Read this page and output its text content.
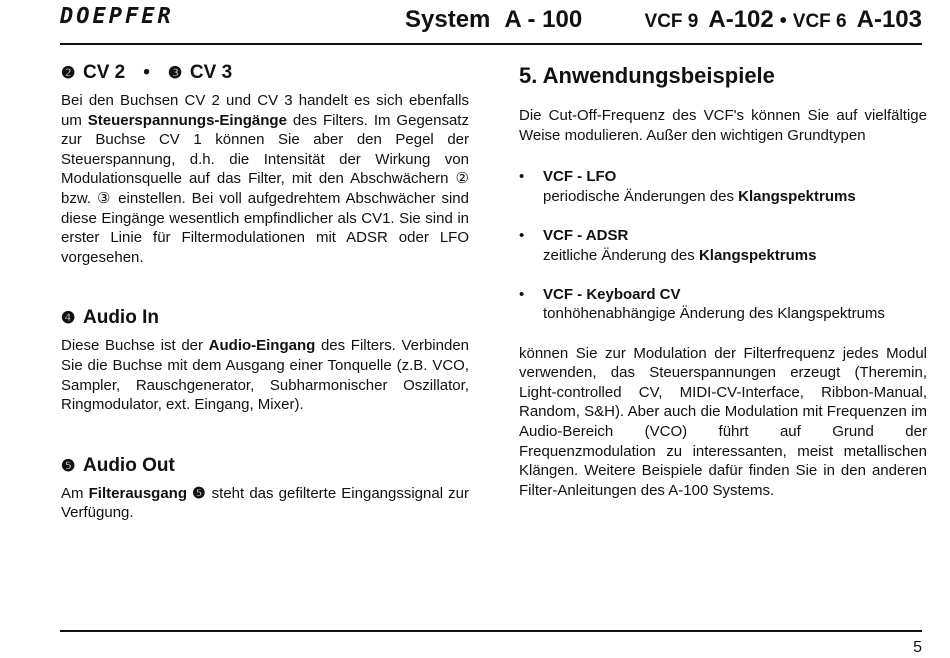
DOEPFER	System A - 100	VCF 9 A-102 • VCF 6 A-103
❷ CV 2 • ❸ CV 3

Bei den Buchsen CV 2 und CV 3 handelt es sich ebenfalls um Steuerspannungs-Eingänge des Filters. Im Gegensatz zur Buchse CV 1 können Sie aber den Pegel der Steuerspannung, d.h. die Intensität der Wirkung von Modulationsquelle auf das Filter, mit den Abschwächern ② bzw. ③ einstellen. Bei voll aufgedrehtem Abschwächer sind diese Eingänge wesentlich empfindlicher als CV1. Sie sind in erster Linie für Filtermodulationen mit ADSR oder LFO vorgesehen.

❹ Audio In

Diese Buchse ist der Audio-Eingang des Filters. Verbinden Sie die Buchse mit dem Ausgang einer Tonquelle (z.B. VCO, Sampler, Rauschgenerator, Subharmonischer Oszillator, Ringmodulator, ext. Eingang, Mixer).

❺ Audio Out

Am Filterausgang ❺ steht das gefilterte Eingangssignal zur Verfügung.

5. Anwendungsbeispiele

Die Cut-Off-Frequenz des VCF's können Sie auf vielfältige Weise modulieren. Außer den wichtigen Grundtypen

• VCF - LFO
periodische Änderungen des Klangspektrums
• VCF - ADSR
zeitliche Änderung des Klangspektrums
• VCF - Keyboard CV
tonhöhenabhängige Änderung des Klangspektrums

können Sie zur Modulation der Filterfrequenz jedes Modul verwenden, das Steuerspannungen erzeugt (Theremin, Light-controlled CV, MIDI-CV-Interface, Ribbon-Manual, Random, S&H). Aber auch die Modulation mit Frequenzen im Audio-Bereich (VCO) führt auf Grund der Frequenzmodulation zu interessanten, meist metallischen Klängen. Weitere Beispiele dafür finden Sie in den anderen Filter-Anleitungen des A-100 Systems.

5
